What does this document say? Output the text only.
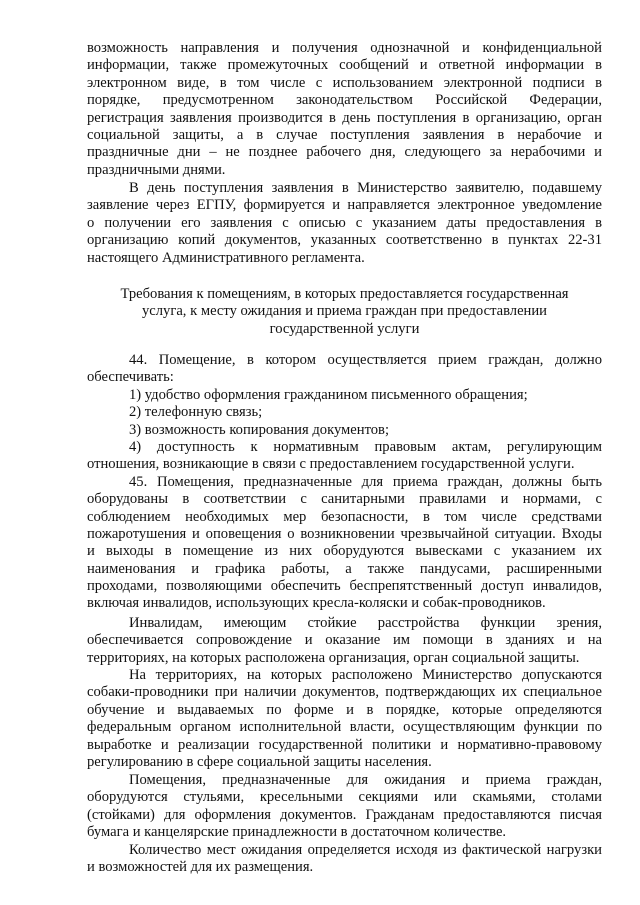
возможность направления и получения однозначной и конфиденциальной
информации, также промежуточных сообщений и ответной информации в
электронном виде, в том числе с использованием электронной подписи в
порядке, предусмотренном законодательством Российской Федерации,
регистрация заявления производится в день поступления в организацию, орган
социальной защиты, а в случае поступления заявления в нерабочие и
праздничные дни – не позднее рабочего дня, следующего за нерабочими и
праздничными днями.
В день поступления заявления в Министерство заявителю, подавшему
заявление через ЕГПУ, формируется и направляется электронное уведомление
о получении его заявления с описью с указанием даты предоставления в
организацию копий документов, указанных соответственно в пунктах 22-31
настоящего Административного регламента.
Требования к помещениям, в которых предоставляется государственная
услуга, к месту ожидания и приема граждан при предоставлении
государственной услуги
44. Помещение, в котором осуществляется прием граждан, должно
обеспечивать:
1) удобство оформления гражданином письменного обращения;
2) телефонную связь;
3) возможность копирования документов;
4) доступность к нормативным правовым актам, регулирующим
отношения, возникающие в связи с предоставлением государственной услуги.
45. Помещения, предназначенные для приема граждан, должны быть
оборудованы в соответствии с санитарными правилами и нормами, с
соблюдением необходимых мер безопасности, в том числе средствами
пожаротушения и оповещения о возникновении чрезвычайной ситуации. Входы
и выходы в помещение из них оборудуются вывесками с указанием их
наименования и графика работы, а также пандусами, расширенными
проходами, позволяющими обеспечить беспрепятственный доступ инвалидов,
включая инвалидов, использующих кресла-коляски и собак-проводников.
Инвалидам, имеющим стойкие расстройства функции зрения,
обеспечивается сопровождение и оказание им помощи в зданиях и на
территориях, на которых расположена организация, орган социальной защиты.
На территориях, на которых расположено Министерство допускаются
собаки-проводники при наличии документов, подтверждающих их специальное
обучение и выдаваемых по форме и в порядке, которые определяются
федеральным органом исполнительной власти, осуществляющим функции по
выработке и реализации государственной политики и нормативно-правовому
регулированию в сфере социальной защиты населения.
Помещения, предназначенные для ожидания и приема граждан,
оборудуются стульями, кресельными секциями или скамьями, столами
(стойками) для оформления документов. Гражданам предоставляются писчая
бумага и канцелярские принадлежности в достаточном количестве.
Количество мест ожидания определяется исходя из фактической нагрузки
и возможностей для их размещения.
